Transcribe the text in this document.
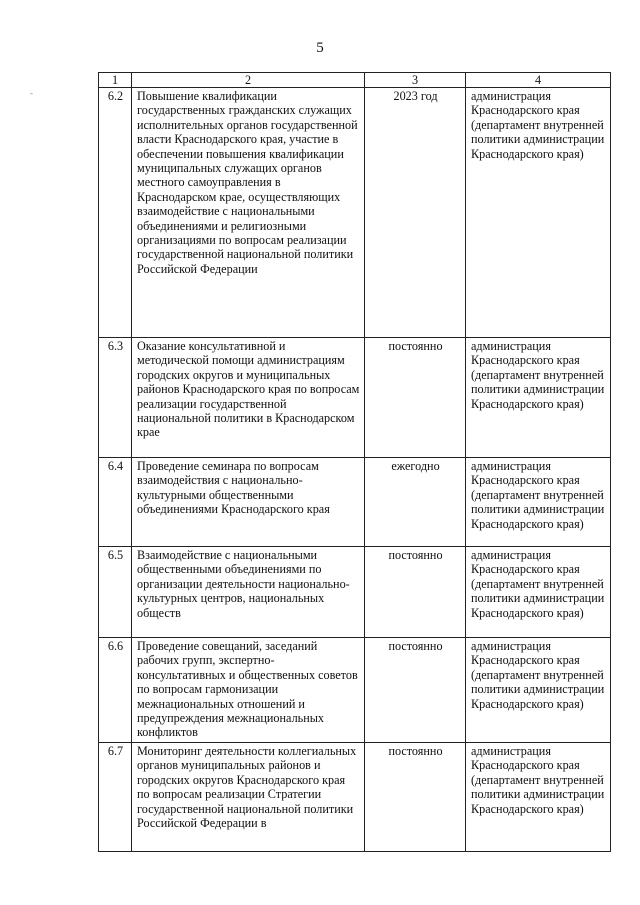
5
-
1	2	3	4
6.2	Повышение квалификации государственных гражданских служащих исполнительных органов государственной власти Краснодарского края, участие в обеспечении повышения квалификации муниципальных служащих органов местного самоуправления в Краснодарском крае, осуществляющих взаимодействие с национальными объединениями и религиозными организациями по вопросам реализации государственной национальной политики Российской Федерации	2023 год	администрация Краснодарского края (департамент внутренней политики администрации Краснодарского края)
6.3	Оказание консультативной и методической помощи администрациям городских округов и муниципальных районов Краснодарского края по вопросам реализации государственной национальной политики в Краснодарском крае	постоянно	администрация Краснодарского края (департамент внутренней политики администрации Краснодарского края)
6.4	Проведение семинара по вопросам взаимодействия с национально-культурными общественными объединениями Краснодарского края	ежегодно	администрация Краснодарского края (департамент внутренней политики администрации Краснодарского края)
6.5	Взаимодействие с национальными общественными объединениями по организации деятельности национально-культурных центров, национальных обществ	постоянно	администрация Краснодарского края (департамент внутренней политики администрации Краснодарского края)
6.6	Проведение совещаний, заседаний рабочих групп, экспертно-консультативных и общественных советов по вопросам гармонизации межнациональных отношений и предупреждения межнациональных конфликтов	постоянно	администрация Краснодарского края (департамент внутренней политики администрации Краснодарского края)
6.7	Мониторинг деятельности коллегиальных органов муниципальных районов и городских округов Краснодарского края по вопросам реализации Стратегии государственной национальной политики Российской Федерации в	постоянно	администрация Краснодарского края (департамент внутренней политики администрации Краснодарского края)
